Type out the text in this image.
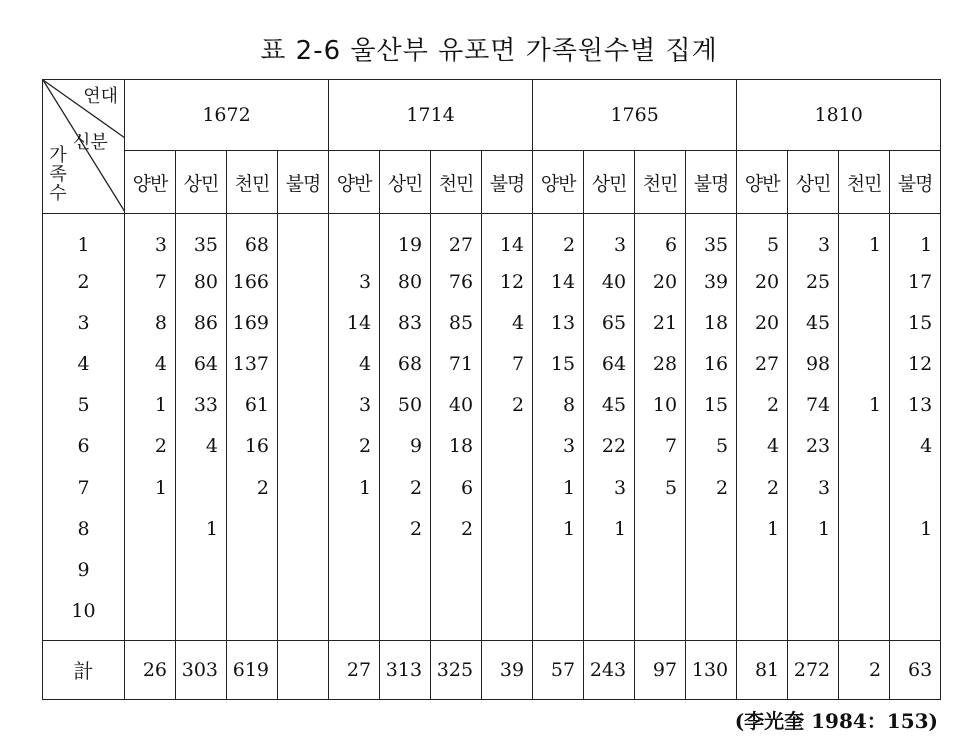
표 2-6 울산부 유포면 가족원수별 집계
연대
신분
가족수	1672				1714				1765				1810			
	양반	상민	천민	불명	양반	상민	천민	불명	양반	상민	천민	불명	양반	상민	천민	불명
1	3	35	68			19	27	14	2	3	6	35	5	3	1	1
2	7	80	166		3	80	76	12	14	40	20	39	20	25		17
3	8	86	169		14	83	85	4	13	65	21	18	20	45		15
4	4	64	137		4	68	71	7	15	64	28	16	27	98		12
5	1	33	61		3	50	40	2	8	45	10	15	2	74	1	13
6	2	4	16		2	9	18		3	22	7	5	4	23		4
7	1		2		1	2	6		1	3	5	2	2	3		
8		1				2	2		1	1			1	1		1
9																
10																
計	26	303	619		27	313	325	39	57	243	97	130	81	272	2	63
(李光奎 1984：153)
